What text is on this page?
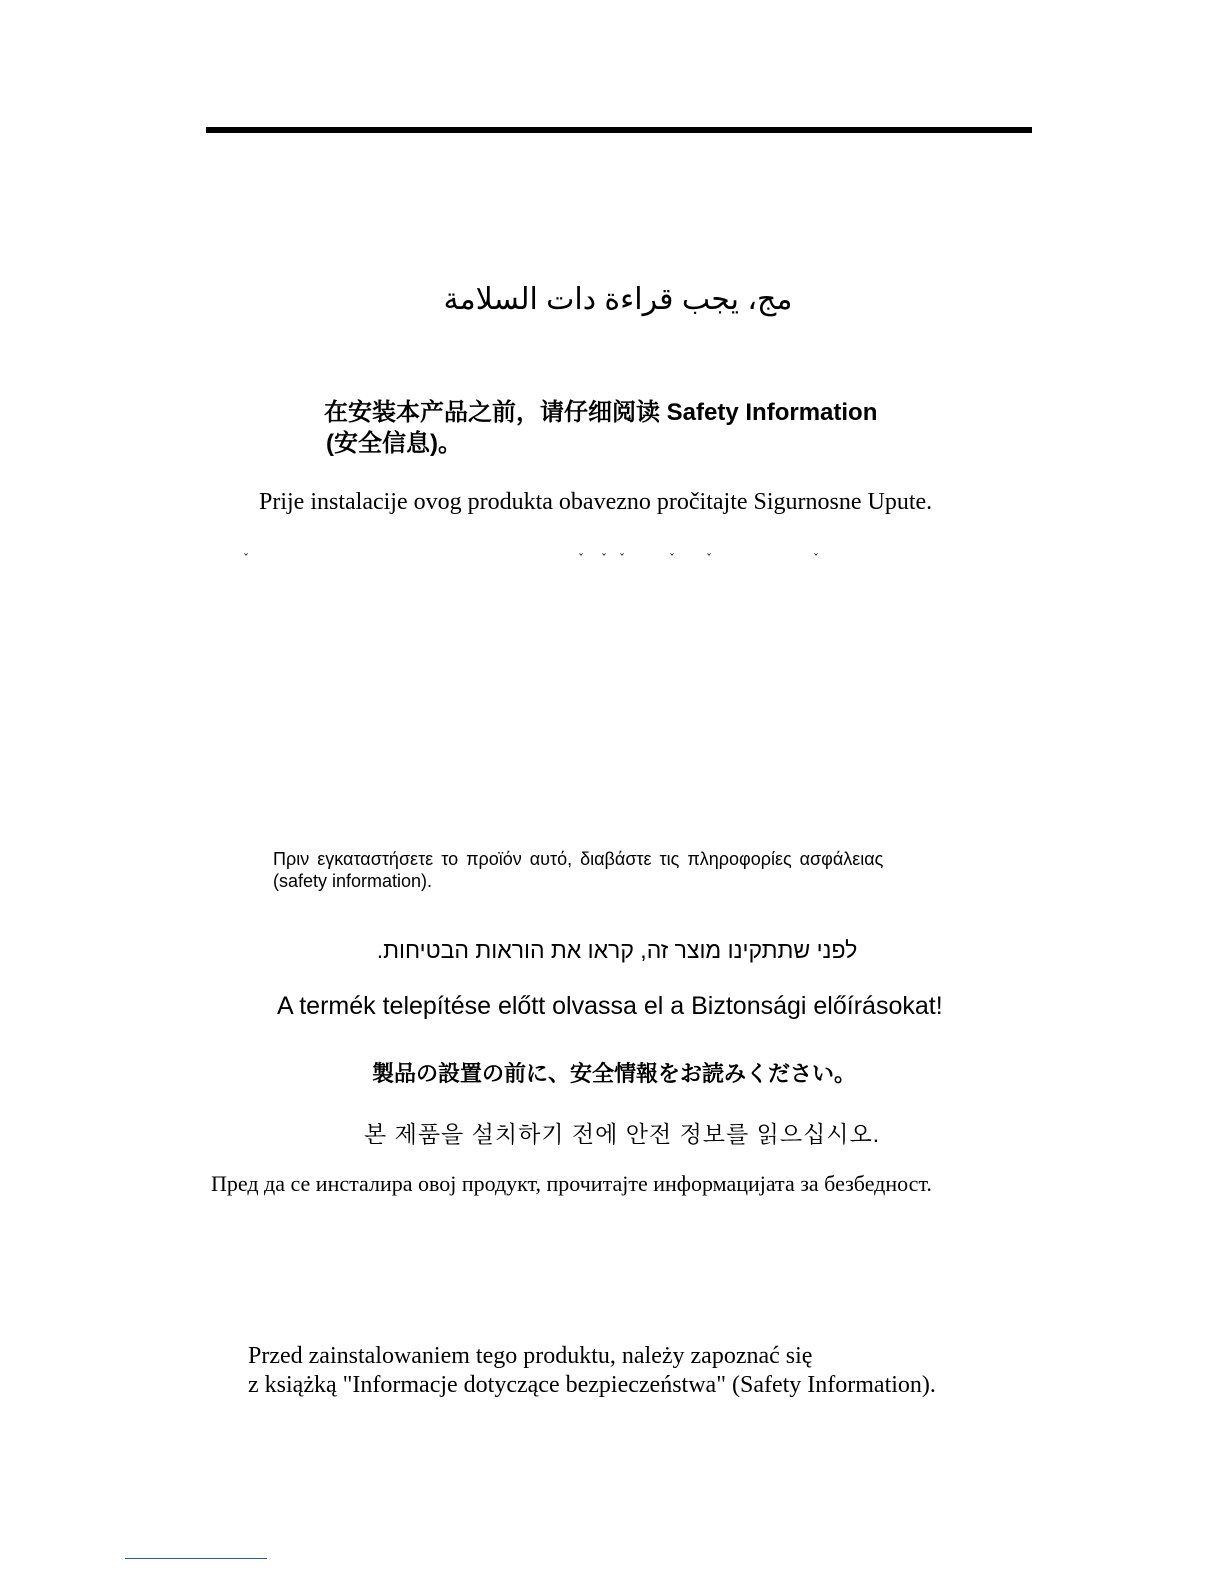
مج، يجب قراءة دات السلامة

在安装本产品之前，请仔细阅读 Safety Information

(安全信息)。

Prije instalacije ovog produkta obavezno pročitajte Sigurnosne Upute.

ˇ	ˇ ˇ ˇ	ˇ	ˇ	ˇ

Πριν εγκαταστήσετε το προϊόν αυτό, διαβάστε τις πληροφορίες ασφάλειας

(safety information).

לפני שתתקינו מוצר זה, קראו את הוראות הבטיחות.

A termék telepítése előtt olvassa el a Biztonsági előírásokat!

製品の設置の前に、安全情報をお読みください。

본 제품을 설치하기 전에 안전 정보를 읽으십시오.

Пред да се инсталира овој продукт, прочитајте информацијата за безбедност.

Przed zainstalowaniem tego produktu, należy zapoznać się

z książką "Informacje dotyczące bezpieczeństwa" (Safety Information).
